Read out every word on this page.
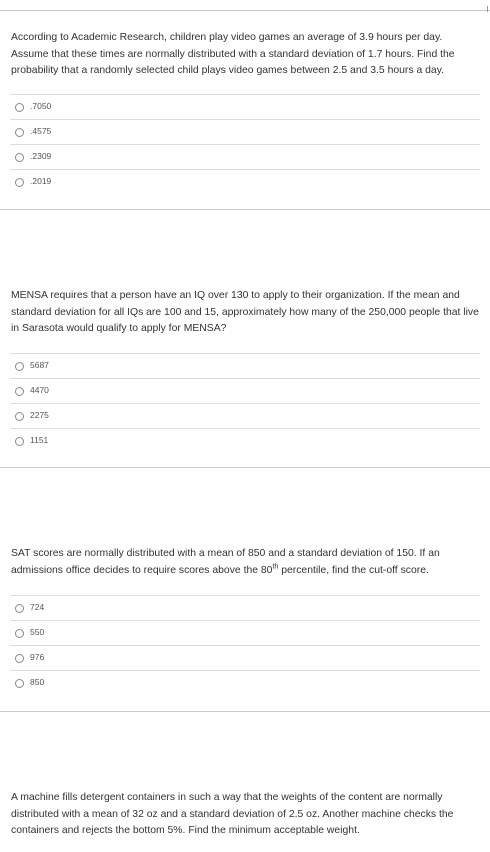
According to Academic Research, children play video games an average of 3.9 hours per day. Assume that these times are normally distributed with a standard deviation of 1.7 hours. Find the probability that a randomly selected child plays video games between 2.5 and 3.5 hours a day.
.7050
.4575
.2309
.2019
MENSA requires that a person have an IQ over 130 to apply to their organization. If the mean and standard deviation for all IQs are 100 and 15, approximately how many of the 250,000 people that live in Sarasota would qualify to apply for MENSA?
5687
4470
2275
1151
SAT scores are normally distributed with a mean of 850 and a standard deviation of 150. If an admissions office decides to require scores above the 80th percentile, find the cut-off score.
724
550
976
850
A machine fills detergent containers in such a way that the weights of the content are normally distributed with a mean of 32 oz and a standard deviation of 2.5 oz. Another machine checks the containers and rejects the bottom 5%. Find the minimum acceptable weight.
